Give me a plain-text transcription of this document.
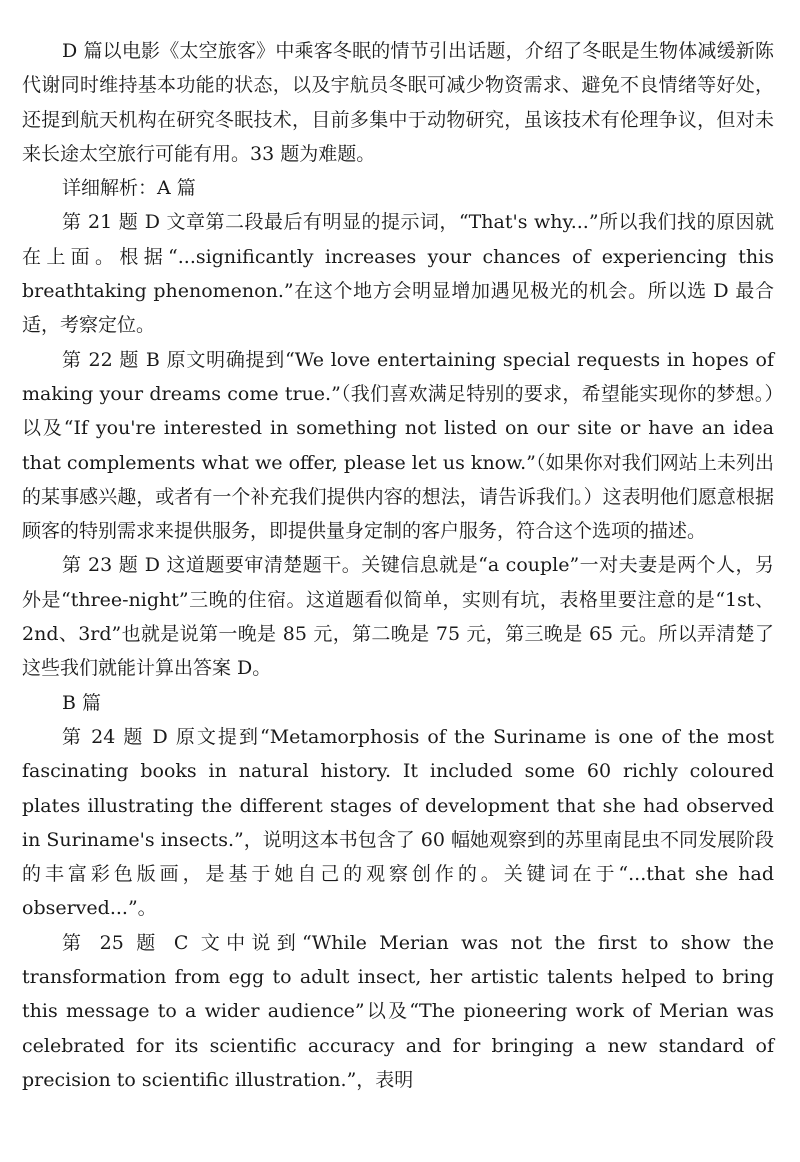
D 篇以电影《太空旅客》中乘客冬眠的情节引出话题，介绍了冬眠是生物体减缓新陈代谢同时维持基本功能的状态，以及宇航员冬眠可减少物资需求、避免不良情绪等好处，还提到航天机构在研究冬眠技术，目前多集中于动物研究，虽该技术有伦理争议，但对未来长途太空旅行可能有用。33 题为难题。

详细解析：A 篇

第 21 题 D 文章第二段最后有明显的提示词，“That's why...”所以我们找的原因就在上面。根据“...significantly increases your chances of experiencing this breathtaking phenomenon.”在这个地方会明显增加遇见极光的机会。所以选 D 最合适，考察定位。

第 22 题 B 原文明确提到“We love entertaining special requests in hopes of making your dreams come true.”（我们喜欢满足特别的要求，希望能实现你的梦想。）以及“If you're interested in something not listed on our site or have an idea that complements what we offer, please let us know.”（如果你对我们网站上未列出的某事感兴趣，或者有一个补充我们提供内容的想法，请告诉我们。）这表明他们愿意根据顾客的特别需求来提供服务，即提供量身定制的客户服务，符合这个选项的描述。

第 23 题 D 这道题要审清楚题干。关键信息就是“a couple”一对夫妻是两个人，另外是“three-night”三晚的住宿。这道题看似简单，实则有坑，表格里要注意的是“1st、2nd、3rd”也就是说第一晚是 85 元，第二晚是 75 元，第三晚是 65 元。所以弄清楚了这些我们就能计算出答案 D。

B 篇

第 24 题 D 原文提到“Metamorphosis of the Suriname is one of the most fascinating books in natural history. It included some 60 richly coloured plates illustrating the different stages of development that she had observed in Suriname's insects.”，说明这本书包含了 60 幅她观察到的苏里南昆虫不同发展阶段的丰富彩色版画，是基于她自己的观察创作的。关键词在于“...that she had observed...”。

第 25 题 C 文中说到“While Merian was not the first to show the transformation from egg to adult insect, her artistic talents helped to bring this message to a wider audience”以及“The pioneering work of Merian was celebrated for its scientific accuracy and for bringing a new standard of precision to scientific illustration.”，表明
